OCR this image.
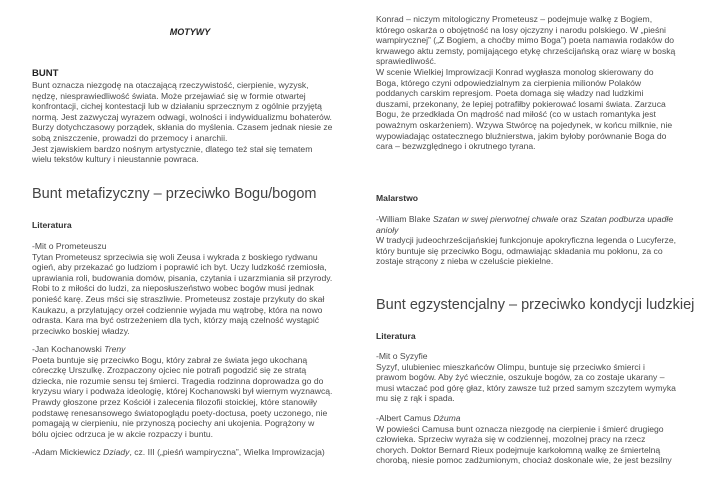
MOTYWY
BUNT

Bunt oznacza niezgodę na otaczającą rzeczywistość, cierpienie, wyzysk,

nędzę, niesprawiedliwość świata. Może przejawiać się w formie otwartej

konfrontacji, cichej kontestacji lub w działaniu sprzecznym z ogólnie przyjętą

normą. Jest zazwyczaj wyrazem odwagi, wolności i indywidualizmu bohaterów.

Burzy dotychczasowy porządek, skłania do myślenia. Czasem jednak niesie ze

sobą zniszczenie, prowadzi do przemocy i anarchii.

Jest zjawiskiem bardzo nośnym artystycznie, dlatego też stał się tematem

wielu tekstów kultury i nieustannie powraca.

Bunt metafizyczny – przeciwko Bogu/bogom
Literatura

-Mit o Prometeuszu

Tytan Prometeusz sprzeciwia się woli Zeusa i wykrada z boskiego rydwanu

ogień, aby przekazać go ludziom i poprawić ich byt. Uczy ludzkość rzemiosła,

uprawiania roli, budowania domów, pisania, czytania i uzarzmiania sił przyrody.

Robi to z miłości do ludzi, za nieposłuszeństwo wobec bogów musi jednak

ponieść karę. Zeus mści się straszliwie. Prometeusz zostaje przykuty do skał

Kaukazu, a przylatujący orzeł codziennie wyjada mu wątrobę, która na nowo

odrasta. Kara ma być ostrzeżeniem dla tych, którzy mają czelność wystąpić

przeciwko boskiej władzy.

-Jan Kochanowski Treny

Poeta buntuje się przeciwko Bogu, który zabrał ze świata jego ukochaną

córeczkę Urszulkę. Zrozpaczony ojciec nie potrafi pogodzić się ze stratą

dziecka, nie rozumie sensu tej śmierci. Tragedia rodzinna doprowadza go do

kryzysu wiary i podważa ideologię, której Kochanowski był wiernym wyznawcą.

Prawdy głoszone przez Kościół i zalecenia filozofii stoickiej, które stanowiły

podstawę renesansowego światopoglądu poety-doctusa, poety uczonego, nie

pomagają w cierpieniu, nie przynoszą pociechy ani ukojenia. Pogrążony w

bólu ojciec odrzuca je w akcie rozpaczy i buntu.

-Adam Mickiewicz Dziady, cz. III („pieśń wampiryczna”, Wielka Improwizacja)

Konrad – niczym mitologiczny Prometeusz – podejmuje walkę z Bogiem,

którego oskarża o obojętność na losy ojczyzny i narodu polskiego. W „pieśni

wampirycznej” („Z Bogiem, a choćby mimo Boga”) poeta namawia rodaków do

krwawego aktu zemsty, pomijającego etykę chrześcijańską oraz wiarę w boską

sprawiedliwość.

W scenie Wielkiej Improwizacji Konrad wygłasza monolog skierowany do

Boga, którego czyni odpowiedzialnym za cierpienia milionów Polaków

poddanych carskim represjom. Poeta domaga się władzy nad ludzkimi

duszami, przekonany, że lepiej potrafiłby pokierować losami świata. Zarzuca

Bogu, że przedkłada On mądrość nad miłość (co w ustach romantyka jest

poważnym oskarżeniem). Wzywa Stwórcę na pojedynek, w końcu milknie, nie

wypowiadając ostatecznego bluźnierstwa, jakim byłoby porównanie Boga do

cara – bezwzględnego i okrutnego tyrana.

Malarstwo

-William Blake Szatan w swej pierwotnej chwale oraz Szatan podburza upadłe

anioły

W tradycji judeochrześcijańskiej funkcjonuje apokryficzna legenda o Lucyferze,

który buntuje się przeciwko Bogu, odmawiając składania mu pokłonu, za co

zostaje strącony z nieba w czeluście piekielne.

Bunt egzystencjalny – przeciwko kondycji ludzkiej
Literatura

-Mit o Syzyfie

Syzyf, ulubieniec mieszkańców Olimpu, buntuje się przeciwko śmierci i

prawom bogów. Aby żyć wiecznie, oszukuje bogów, za co zostaje ukarany –

musi wtaczać pod górę głaz, który zawsze tuż przed samym szczytem wymyka

mu się z rąk i spada.

-Albert Camus Dżuma

W powieści Camusa bunt oznacza niezgodę na cierpienie i śmierć drugiego

człowieka. Sprzeciw wyraża się w codziennej, mozolnej pracy na rzecz

chorych. Doktor Bernard Rieux podejmuje karkołomną walkę ze śmiertelną

chorobą, niesie pomoc zadżumionym, chociaż doskonale wie, że jest bezsilny
